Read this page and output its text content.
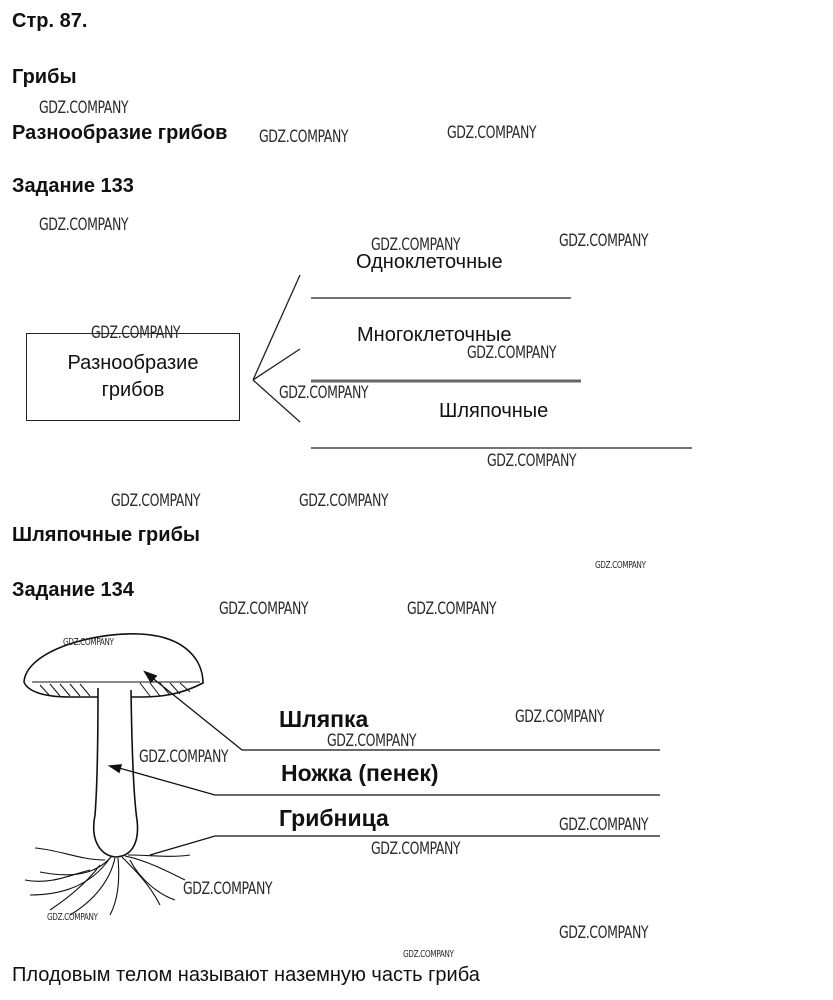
Стр. 87.
Грибы
Разнообразие грибов
Задание 133
Разнообразие
грибов
Одноклеточные
Многоклеточные
Шляпочные
Шляпочные грибы
Задание 134
Шляпка
Ножка (пенек)
Грибница
Плодовым телом называют наземную часть гриба
GDZ.COMPANY
GDZ.COMPANY	GDZ.COMPANY
GDZ.COMPANY
GDZ.COMPANY	GDZ.COMPANY
GDZ.COMPANY
GDZ.COMPANY
GDZ.COMPANY
GDZ.COMPANY
GDZ.COMPANY	GDZ.COMPANY
GDZ.COMPANY
GDZ.COMPANY	GDZ.COMPANY
GDZ.COMPANY
GDZ.COMPANY
GDZ.COMPANY
GDZ.COMPANY
GDZ.COMPANY
GDZ.COMPANY
GDZ.COMPANY
GDZ.COMPANY
GDZ.COMPANY
GDZ.COMPANY
